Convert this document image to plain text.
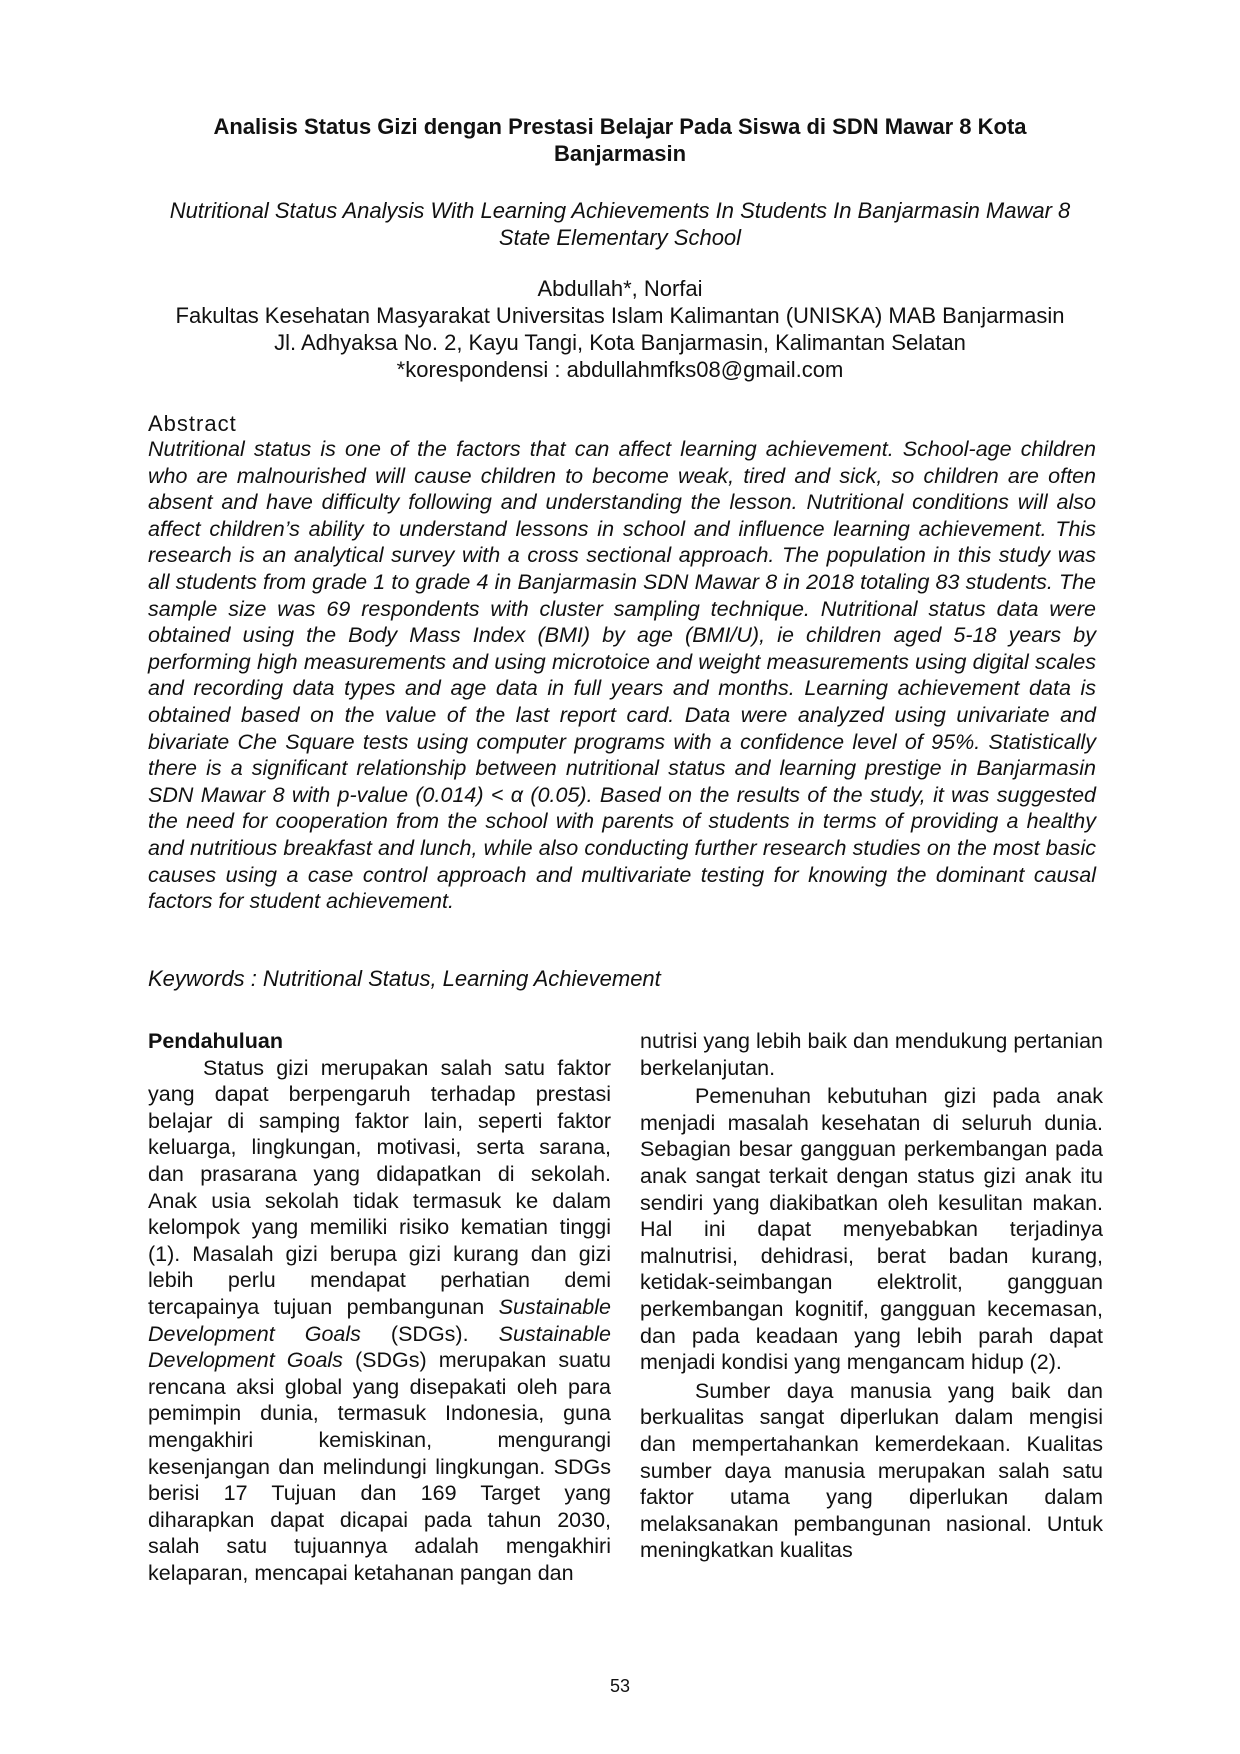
Analisis Status Gizi dengan Prestasi Belajar Pada Siswa di SDN Mawar 8 Kota Banjarmasin
Nutritional Status Analysis With Learning Achievements In Students In Banjarmasin Mawar 8 State Elementary School
Abdullah*, Norfai
Fakultas Kesehatan Masyarakat Universitas Islam Kalimantan (UNISKA) MAB Banjarmasin
Jl. Adhyaksa No. 2, Kayu Tangi, Kota Banjarmasin, Kalimantan Selatan
*korespondensi : abdullahmfks08@gmail.com
Abstract

Nutritional status is one of the factors that can affect learning achievement. School-age children who are malnourished will cause children to become weak, tired and sick, so children are often absent and have difficulty following and understanding the lesson. Nutritional conditions will also affect children’s ability to understand lessons in school and influence learning achievement. This research is an analytical survey with a cross sectional approach. The population in this study was all students from grade 1 to grade 4 in Banjarmasin SDN Mawar 8 in 2018 totaling 83 students. The sample size was 69 respondents with cluster sampling technique. Nutritional status data were obtained using the Body Mass Index (BMI) by age (BMI/U), ie children aged 5-18 years by performing high measurements and using microtoice and weight measurements using digital scales and recording data types and age data in full years and months. Learning achievement data is obtained based on the value of the last report card. Data were analyzed using univariate and bivariate Che Square tests using computer programs with a confidence level of 95%. Statistically there is a significant relationship between nutritional status and learning prestige in Banjarmasin SDN Mawar 8 with p-value (0.014) < α (0.05). Based on the results of the study, it was suggested the need for cooperation from the school with parents of students in terms of providing a healthy and nutritious breakfast and lunch, while also conducting further research studies on the most basic causes using a case control approach and multivariate testing for knowing the dominant causal factors for student achievement.

Keywords : Nutritional Status, Learning Achievement

Pendahuluan

Status gizi merupakan salah satu faktor yang dapat berpengaruh terhadap prestasi belajar di samping faktor lain, seperti faktor keluarga, lingkungan, motivasi, serta sarana, dan prasarana yang didapatkan di sekolah. Anak usia sekolah tidak termasuk ke dalam kelompok yang memiliki risiko kematian tinggi (1). Masalah gizi berupa gizi kurang dan gizi lebih perlu mendapat perhatian demi tercapainya tujuan pembangunan Sustainable Development Goals (SDGs). Sustainable Development Goals (SDGs) merupakan suatu rencana aksi global yang disepakati oleh para pemimpin dunia, termasuk Indonesia, guna mengakhiri kemiskinan, mengurangi kesenjangan dan melindungi lingkungan. SDGs berisi 17 Tujuan dan 169 Target yang diharapkan dapat dicapai pada tahun 2030, salah satu tujuannya adalah mengakhiri kelaparan, mencapai ketahanan pangan dan

nutrisi yang lebih baik dan mendukung pertanian berkelanjutan.

Pemenuhan kebutuhan gizi pada anak menjadi masalah kesehatan di seluruh dunia. Sebagian besar gangguan perkembangan pada anak sangat terkait dengan status gizi anak itu sendiri yang diakibatkan oleh kesulitan makan. Hal ini dapat menyebabkan terjadinya malnutrisi, dehidrasi, berat badan kurang, ketidak-seimbangan elektrolit, gangguan perkembangan kognitif, gangguan kecemasan, dan pada keadaan yang lebih parah dapat menjadi kondisi yang mengancam hidup (2).

Sumber daya manusia yang baik dan berkualitas sangat diperlukan dalam mengisi dan mempertahankan kemerdekaan. Kualitas sumber daya manusia merupakan salah satu faktor utama yang diperlukan dalam melaksanakan pembangunan nasional. Untuk meningkatkan kualitas

53
